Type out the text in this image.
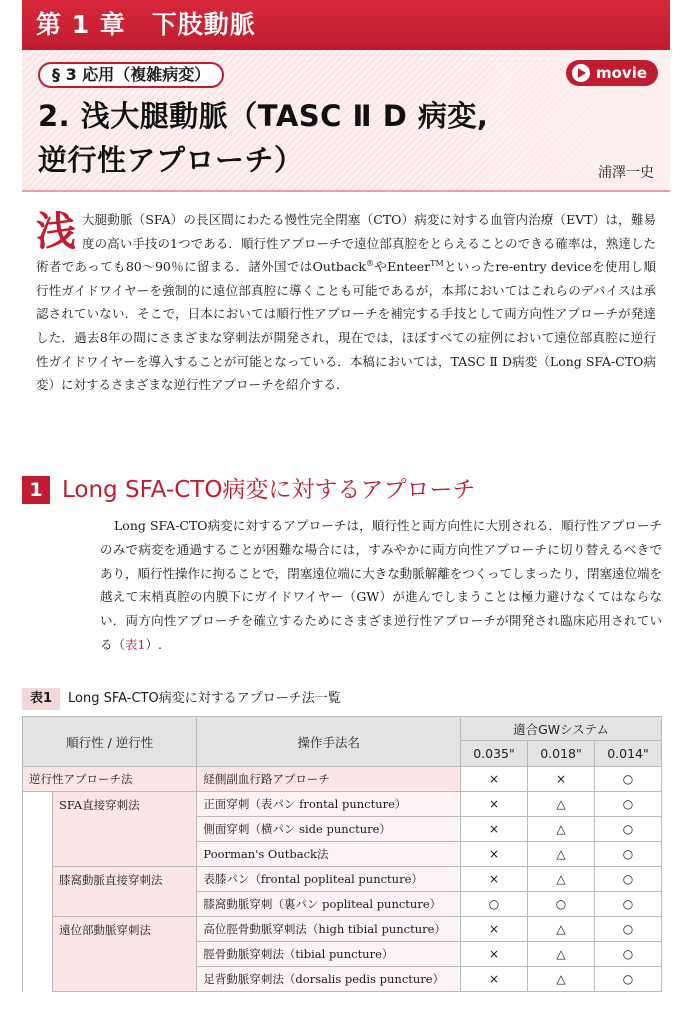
第 1 章　下肢動脈
§ 3 応用（複雑病変）	movie
2. 浅大腿動脈（TASC Ⅱ D 病変,
逆行性アプローチ）	浦澤一史
浅大腿動脈（SFA）の長区間にわたる慢性完全閉塞（CTO）病変に対する血管内治療（EVT）は，難易度の高い手技の1つである．順行性アプローチで遠位部真腔をとらえることのできる確率は，熟達した術者であっても80～90％に留まる．諸外国ではOutback®やEnteer™といったre-entry deviceを使用し順行性ガイドワイヤーを強制的に遠位部真腔に導くことも可能であるが，本邦においてはこれらのデバイスは承認されていない．そこで，日本においては順行性アプローチを補完する手技として両方向性アプローチが発達した．過去8年の間にさまざまな穿刺法が開発され，現在では，ほぼすべての症例において遠位部真腔に逆行性ガイドワイヤーを導入することが可能となっている．本稿においては，TASC Ⅱ D病変（Long SFA-CTO病変）に対するさまざまな逆行性アプローチを紹介する．
1 Long SFA-CTO病変に対するアプローチ
Long SFA-CTO病変に対するアプローチは，順行性と両方向性に大別される．順行性アプローチのみで病変を通過することが困難な場合には，すみやかに両方向性アプローチに切り替えるべきであり，順行性操作に拘ることで，閉塞遠位端に大きな動脈解離をつくってしまったり，閉塞遠位端を越えて末梢真腔の内膜下にガイドワイヤー（GW）が進んでしまうことは極力避けなくてはならない．両方向性アプローチを確立するためにさまざま逆行性アプローチが開発され臨床応用されている（表1）.
表1 Long SFA-CTO病変に対するアプローチ法一覧
順行性 / 逆行性		操作手法名	適合GWシステム		
			0.035"	0.018"	0.014"
逆行性アプローチ法		経側副血行路アプローチ	×	×	○
	SFA直接穿刺法	正面穿刺（表パン frontal puncture）	×	△	○
		側面穿刺（横パン side puncture）	×	△	○
		Poorman's Outback法	×	△	○
	膝窩動脈直接穿刺法	表膝パン（frontal popliteal puncture）	×	△	○
		膝窩動脈穿刺（裏パン popliteal puncture）	○	○	○
	遠位部動脈穿刺法	高位脛骨動脈穿刺法（high tibial puncture）	×	△	○
		脛骨動脈穿刺法（tibial puncture）	×	△	○
		足背動脈穿刺法（dorsalis pedis puncture）	×	△	○
